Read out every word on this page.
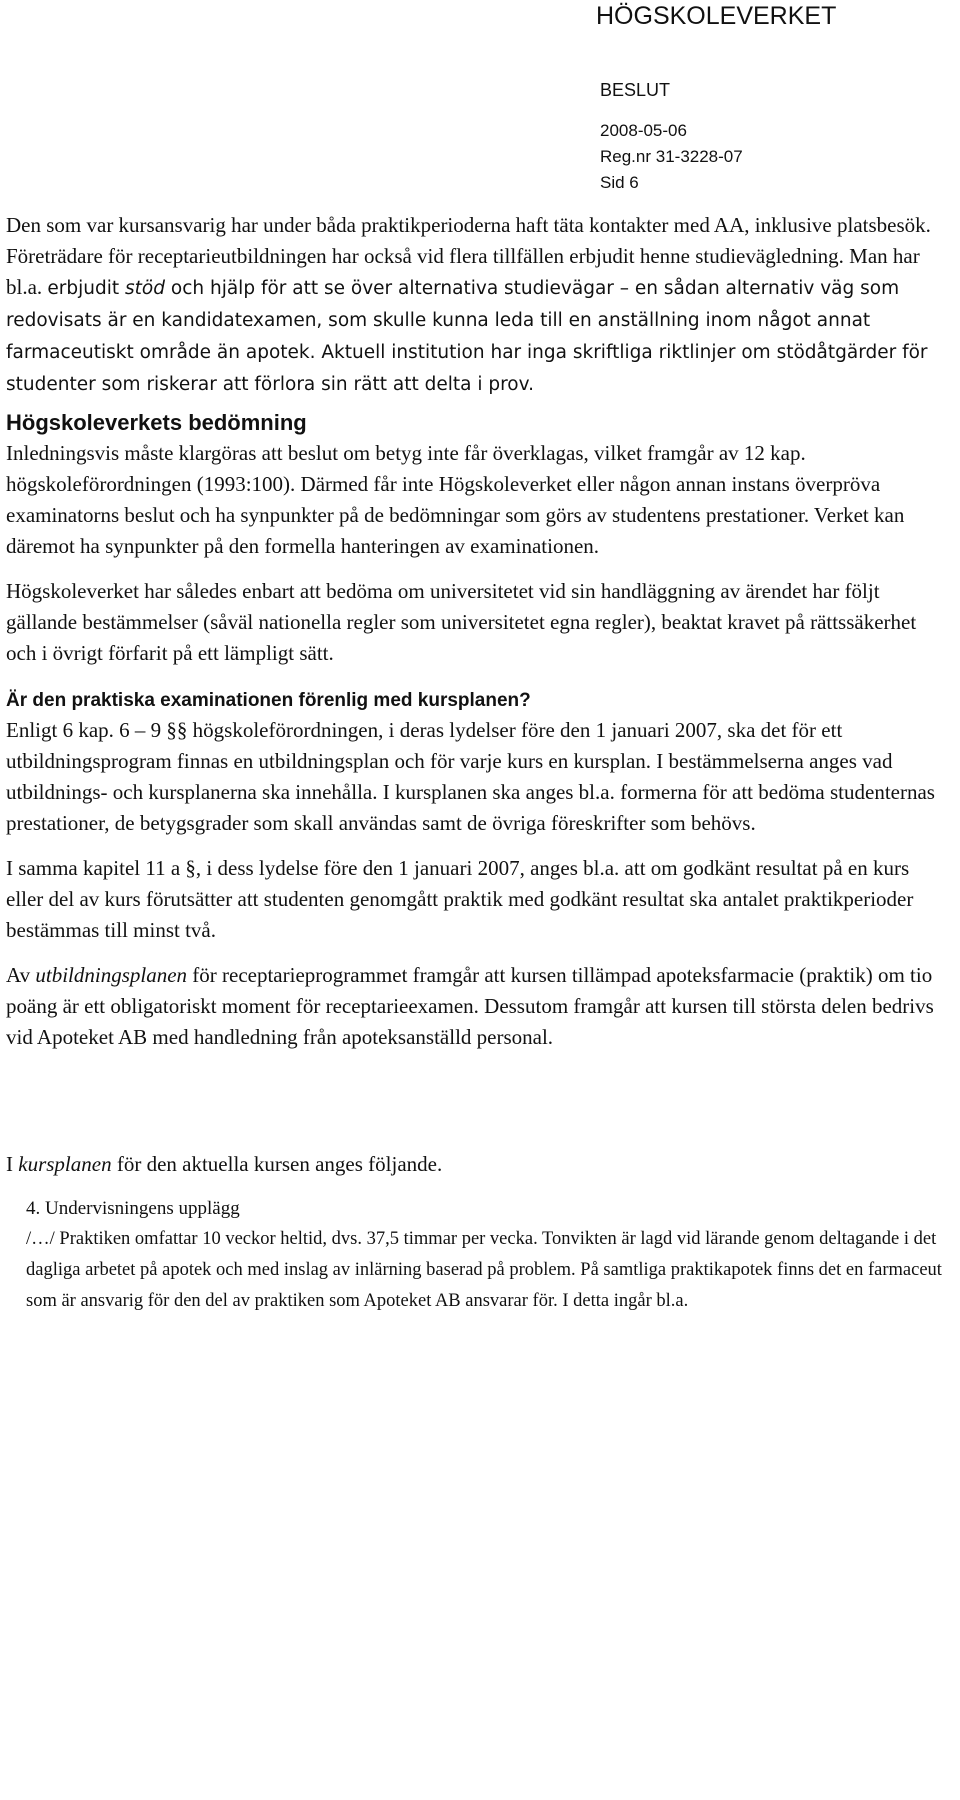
HÖGSKOLEVERKET
BESLUT
2008-05-06
Reg.nr 31-3228-07
Sid 6

Den som var kursansvarig har under båda praktikperioderna haft täta kontakter med AA, inklusive platsbesök. Företrädare för receptarieutbildningen har också vid flera tillfällen erbjudit henne studievägledning. Man har bl.a. erbjudit stöd och hjälp för att se över alternativa studievägar – en sådan alternativ väg som redovisats är en kandidatexamen, som skulle kunna leda till en anställning inom något annat farmaceutiskt område än apotek. Aktuell institution har inga skriftliga riktlinjer om stödåtgärder för studenter som riskerar att förlora sin rätt att delta i prov.

Högskoleverkets bedömning

Inledningsvis måste klargöras att beslut om betyg inte får överklagas, vilket framgår av 12 kap. högskoleförordningen (1993:100). Därmed får inte Högskoleverket eller någon annan instans överpröva examinatorns beslut och ha synpunkter på de bedömningar som görs av studentens prestationer. Verket kan däremot ha synpunkter på den formella hanteringen av examinationen.

Högskoleverket har således enbart att bedöma om universitetet vid sin handläggning av ärendet har följt gällande bestämmelser (såväl nationella regler som universitetet egna regler), beaktat kravet på rättssäkerhet och i övrigt förfarit på ett lämpligt sätt.

Är den praktiska examinationen förenlig med kursplanen?

Enligt 6 kap. 6 – 9 §§ högskoleförordningen, i deras lydelser före den 1 januari 2007, ska det för ett utbildningsprogram finnas en utbildningsplan och för varje kurs en kursplan. I bestämmelserna anges vad utbildnings- och kursplanerna ska innehålla. I kursplanen ska anges bl.a. formerna för att bedöma studenternas prestationer, de betygsgrader som skall användas samt de övriga föreskrifter som behövs.

I samma kapitel 11 a §, i dess lydelse före den 1 januari 2007, anges bl.a. att om godkänt resultat på en kurs eller del av kurs förutsätter att studenten genomgått praktik med godkänt resultat ska antalet praktikperioder bestämmas till minst två.

Av utbildningsplanen för receptarieprogrammet framgår att kursen tillämpad apoteksfarmacie (praktik) om tio poäng är ett obligatoriskt moment för receptarieexamen. Dessutom framgår att kursen till största delen bedrivs vid Apoteket AB med handledning från apoteksanställd personal.

I kursplanen för den aktuella kursen anges följande.

4. Undervisningens upplägg

/…/ Praktiken omfattar 10 veckor heltid, dvs. 37,5 timmar per vecka. Tonvikten är lagd vid lärande genom deltagande i det dagliga arbetet på apotek och med inslag av inlärning baserad på problem. På samtliga praktikapotek finns det en farmaceut som är ansvarig för den del av praktiken som Apoteket AB ansvarar för. I detta ingår bl.a.
